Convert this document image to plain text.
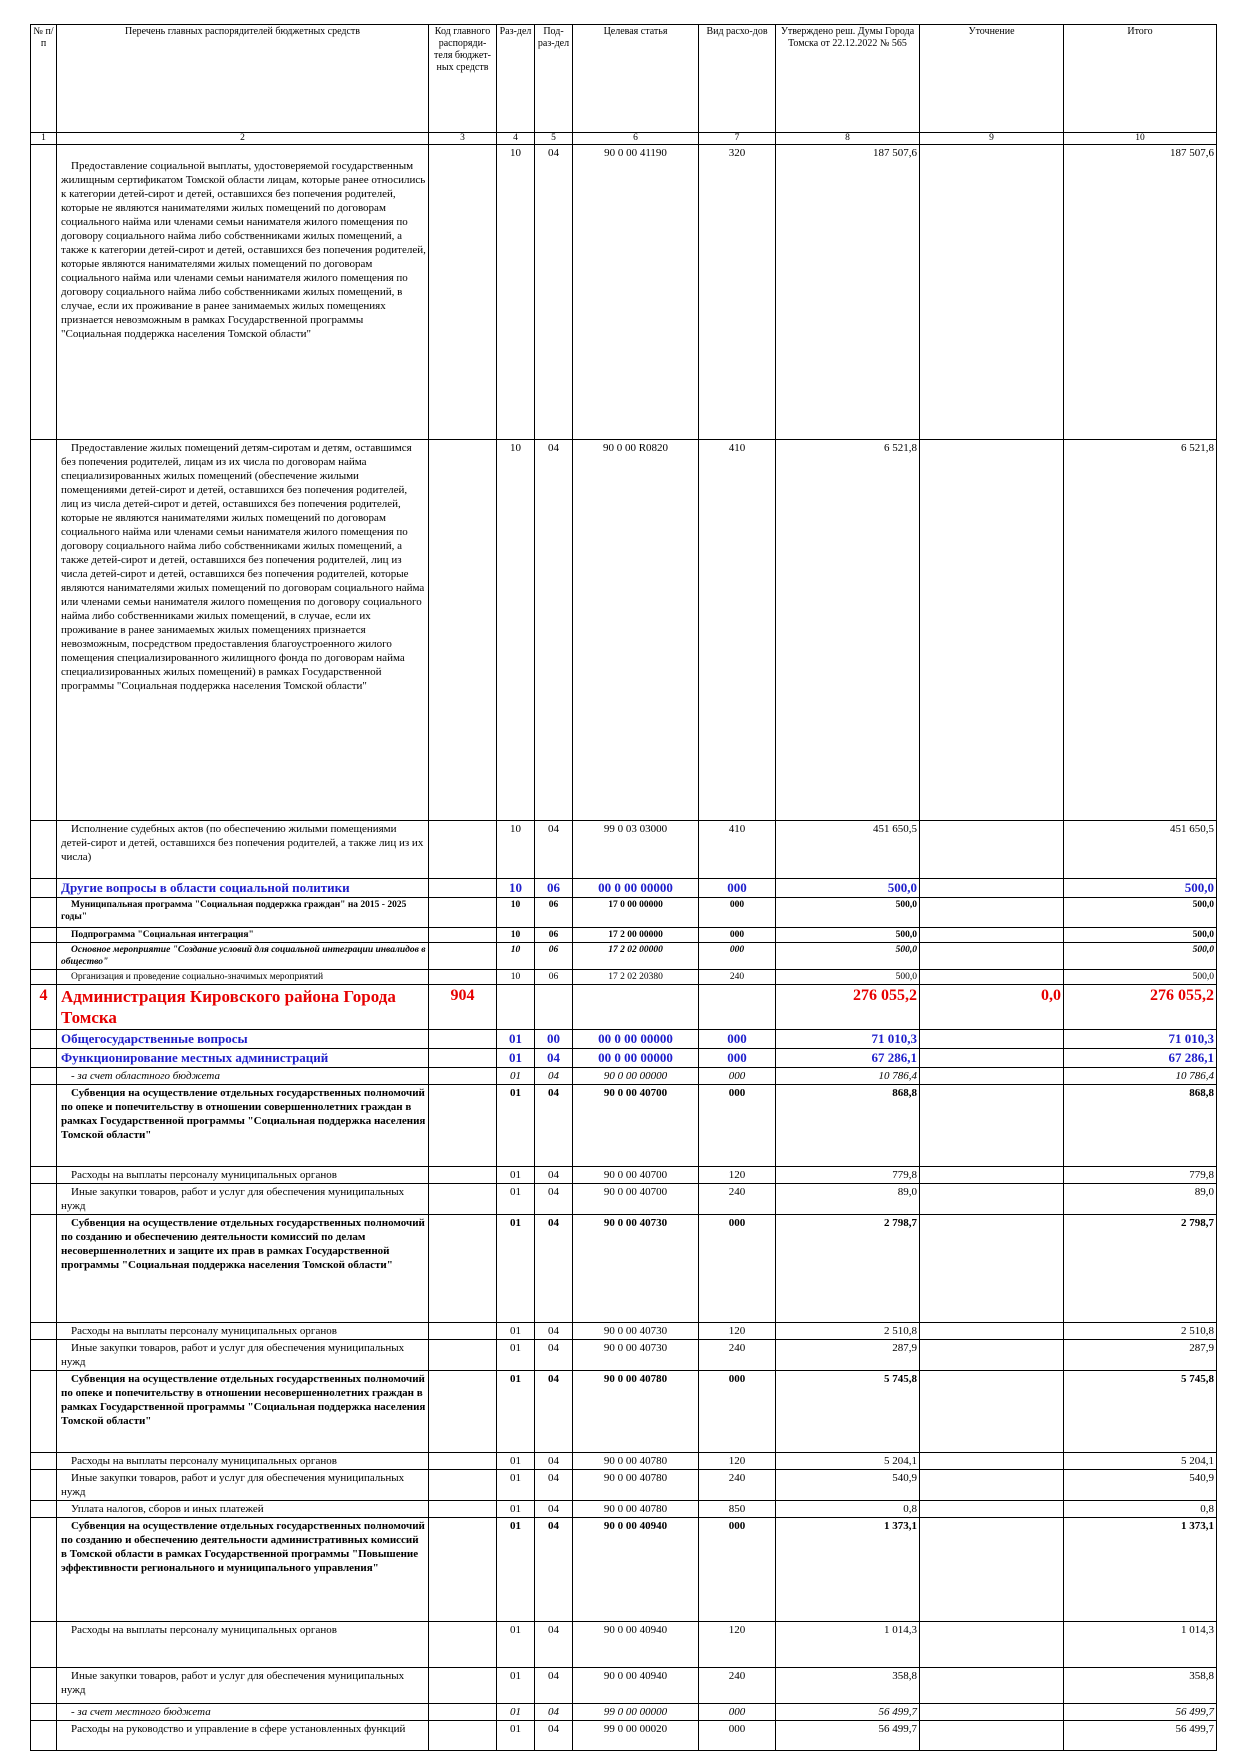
№ п/п	Перечень главных распорядителей бюджетных средств	Код главного распоряди-теля бюджет-ных средств	Раз-дел	Под-раз-дел	Целевая статья	Вид расхо-дов	Утверждено реш. Думы Города Томска от 22.12.2022 № 565	Уточнение	Итого
1	2	3	4	5	6	7	8	9	10
	Предоставление социальной выплаты, удостоверяемой государственным жилищным сертификатом Томской области лицам, которые ранее относились к категории детей-сирот и детей, оставшихся без попечения родителей, которые не являются нанимателями жилых помещений по договорам социального найма или членами семьи нанимателя жилого помещения по договору социального найма либо собственниками жилых помещений, а также к категории детей-сирот и детей, оставшихся без попечения родителей, которые являются нанимателями жилых помещений по договорам социального найма или членами семьи нанимателя жилого помещения по договору социального найма либо собственниками жилых помещений, в случае, если их проживание в ранее занимаемых жилых помещениях признается невозможным в рамках Государственной программы "Социальная поддержка населения Томской области"		10	04	90 0 00 41190	320	187 507,6		187 507,6
	Предоставление жилых помещений детям-сиротам и детям, оставшимся без попечения родителей, лицам из их числа по договорам найма специализированных жилых помещений (обеспечение жилыми помещениями детей-сирот и детей, оставшихся без попечения родителей, лиц из числа детей-сирот и детей, оставшихся без попечения родителей, которые не являются нанимателями жилых помещений по договорам социального найма или членами семьи нанимателя жилого помещения по договору социального найма либо собственниками жилых помещений, а также детей-сирот и детей, оставшихся без попечения родителей, лиц из числа детей-сирот и детей, оставшихся без попечения родителей, которые являются нанимателями жилых помещений по договорам социального найма или членами семьи нанимателя жилого помещения по договору социального найма либо собственниками жилых помещений, в случае, если их проживание в ранее занимаемых жилых помещениях признается невозможным, посредством предоставления благоустроенного жилого помещения специализированного жилищного фонда по договорам найма специализированных жилых помещений) в рамках Государственной программы "Социальная поддержка населения Томской области"		10	04	90 0 00 R0820	410	6 521,8		6 521,8
	Исполнение судебных актов (по обеспечению жилыми помещениями детей-сирот и детей, оставшихся без попечения родителей, а также лиц из их числа)		10	04	99 0 03 03000	410	451 650,5		451 650,5
	Другие вопросы в области социальной политики		10	06	00 0 00 00000	000	500,0		500,0
	Муниципальная программа "Социальная поддержка граждан" на 2015 - 2025 годы"		10	06	17 0 00 00000	000	500,0		500,0
	Подпрограмма "Социальная интеграция"		10	06	17 2 00 00000	000	500,0		500,0
	Основное мероприятие "Создание условий для социальной интеграции инвалидов в общество"		10	06	17 2 02 00000	000	500,0		500,0
	Организация и проведение социально-значимых мероприятий		10	06	17 2 02 20380	240	500,0		500,0
4	Администрация Кировского района Города Томска	904					276 055,2	0,0	276 055,2
	Общегосударственные вопросы		01	00	00 0 00 00000	000	71 010,3		71 010,3
	Функционирование местных администраций		01	04	00 0 00 00000	000	67 286,1		67 286,1
	- за счет областного бюджета		01	04	90 0 00 00000	000	10 786,4		10 786,4
	Субвенция на осуществление отдельных государственных полномочий по опеке и попечительству в отношении совершеннолетних граждан в рамках Государственной программы "Социальная поддержка населения Томской области"		01	04	90 0 00 40700	000	868,8		868,8
	Расходы на выплаты персоналу муниципальных органов		01	04	90 0 00 40700	120	779,8		779,8
	Иные закупки товаров, работ и услуг для обеспечения муниципальных нужд		01	04	90 0 00 40700	240	89,0		89,0
	Субвенция на осуществление отдельных государственных полномочий по созданию и обеспечению деятельности комиссий по делам несовершеннолетних и защите их прав в рамках Государственной программы "Социальная поддержка населения Томской области"		01	04	90 0 00 40730	000	2 798,7		2 798,7
	Расходы на выплаты персоналу муниципальных органов		01	04	90 0 00 40730	120	2 510,8		2 510,8
	Иные закупки товаров, работ и услуг для обеспечения муниципальных нужд		01	04	90 0 00 40730	240	287,9		287,9
	Субвенция на осуществление отдельных государственных полномочий по опеке и попечительству в отношении несовершеннолетних граждан в рамках Государственной программы "Социальная поддержка населения Томской области"		01	04	90 0 00 40780	000	5 745,8		5 745,8
	Расходы на выплаты персоналу муниципальных органов		01	04	90 0 00 40780	120	5 204,1		5 204,1
	Иные закупки товаров, работ и услуг для обеспечения муниципальных нужд		01	04	90 0 00 40780	240	540,9		540,9
	Уплата налогов, сборов и иных платежей		01	04	90 0 00 40780	850	0,8		0,8
	Субвенция на осуществление отдельных государственных полномочий по созданию и обеспечению деятельности административных комиссий в Томской области в рамках Государственной программы "Повышение эффективности регионального и муниципального управления"		01	04	90 0 00 40940	000	1 373,1		1 373,1
	Расходы на выплаты персоналу муниципальных органов		01	04	90 0 00 40940	120	1 014,3		1 014,3
	Иные закупки товаров, работ и услуг для обеспечения муниципальных нужд		01	04	90 0 00 40940	240	358,8		358,8
	- за счет местного бюджета		01	04	99 0 00 00000	000	56 499,7		56 499,7
	Расходы на руководство и управление в сфере установленных функций		01	04	99 0 00 00020	000	56 499,7		56 499,7
